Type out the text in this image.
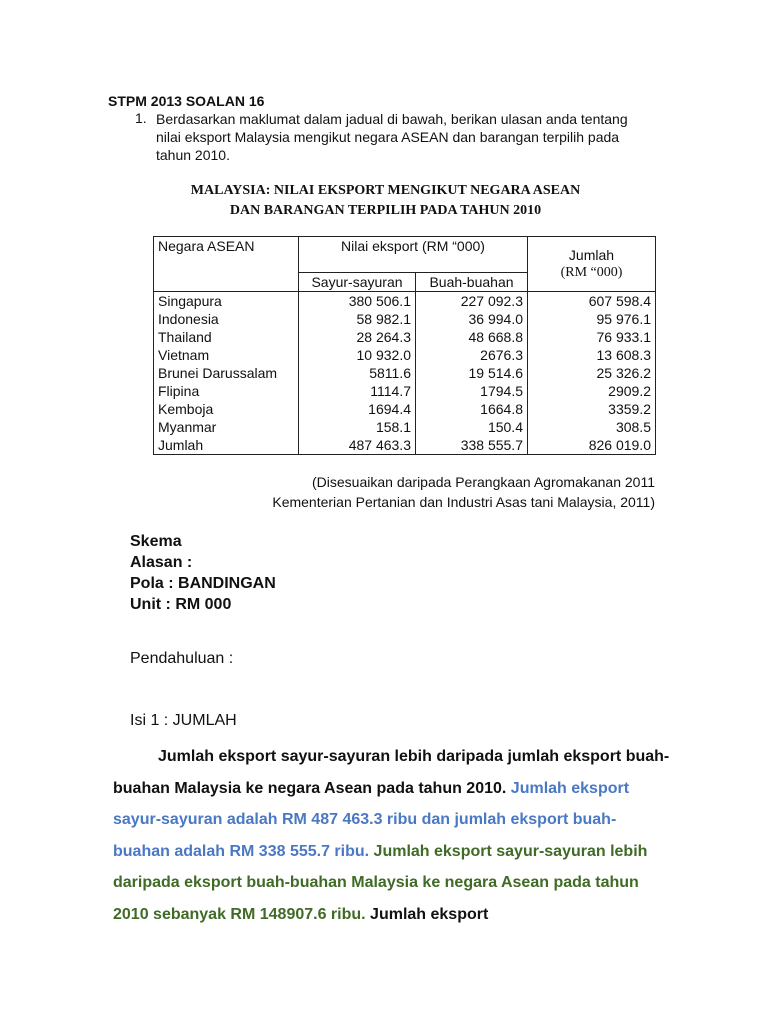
STPM 2013 SOALAN 16
1. Berdasarkan maklumat dalam jadual di bawah, berikan ulasan anda tentang nilai eksport Malaysia mengikut negara ASEAN dan barangan terpilih pada tahun 2010.
MALAYSIA: NILAI EKSPORT MENGIKUT NEGARA ASEAN
DAN BARANGAN TERPILIH PADA TAHUN 2010
Negara ASEAN	Nilai eksport (RM “000)		Jumlah
(RM “000)

	Sayur-sayuran	Buah-buahan	
Singapura	380 506.1	227 092.3	607 598.4
Indonesia	58 982.1	36 994.0	95 976.1
Thailand	28 264.3	48 668.8	76 933.1
Vietnam	10 932.0	2676.3	13 608.3
Brunei Darussalam	5811.6	19 514.6	25 326.2
Flipina	1114.7	1794.5	2909.2
Kemboja	1694.4	1664.8	3359.2
Myanmar	158.1	150.4	308.5
Jumlah	487 463.3	338 555.7	826 019.0
(Disesuaikan daripada Perangkaan Agromakanan 2011
Kementerian Pertanian dan Industri Asas tani Malaysia, 2011)
Skema
Alasan :
Pola : BANDINGAN
Unit : RM 000
Pendahuluan :
Isi 1 : JUMLAH
Jumlah eksport sayur-sayuran lebih daripada jumlah eksport buah-buahan Malaysia ke negara Asean pada tahun 2010. Jumlah eksport sayur-sayuran adalah RM 487 463.3 ribu dan jumlah eksport buah-buahan adalah RM 338 555.7 ribu. Jumlah eksport sayur-sayuran lebih daripada eksport buah-buahan Malaysia ke negara Asean pada tahun 2010 sebanyak RM 148907.6 ribu. Jumlah eksport
